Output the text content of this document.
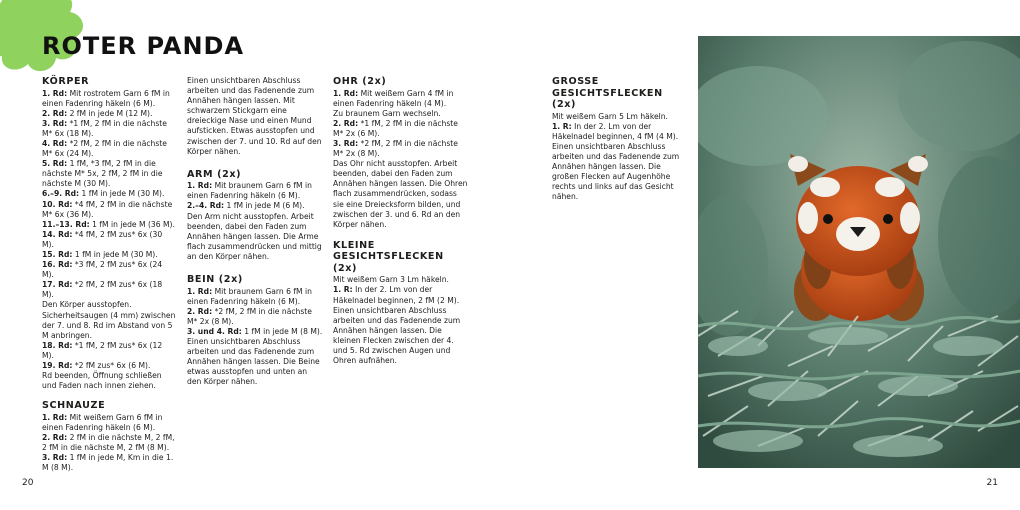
ROTER PANDA
KÖRPER

1. Rd: Mit rostrotem Garn 6 fM in einen Fadenring häkeln (6 M).

2. Rd: 2 fM in jede M (12 M).

3. Rd: *1 fM, 2 fM in die nächste M* 6x (18 M).

4. Rd: *2 fM, 2 fM in die nächste M* 6x (24 M).

5. Rd: 1 fM, *3 fM, 2 fM in die nächste M* 5x, 2 fM, 2 fM in die nächste M (30 M).

6.–9. Rd: 1 fM in jede M (30 M).

10. Rd: *4 fM, 2 fM in die nächste M* 6x (36 M).

11.–13. Rd: 1 fM in jede M (36 M).

14. Rd: *4 fM, 2 fM zus* 6x (30 M).

15. Rd: 1 fM in jede M (30 M).

16. Rd: *3 fM, 2 fM zus* 6x (24 M).

17. Rd: *2 fM, 2 fM zus* 6x (18 M).

Den Körper ausstopfen. Sicherheitsaugen (4 mm) zwischen der 7. und 8. Rd im Abstand von 5 M anbringen.

18. Rd: *1 fM, 2 fM zus* 6x (12 M).

19. Rd: *2 fM zus* 6x (6 M).

Rd beenden, Öffnung schließen und Faden nach innen ziehen.

SCHNAUZE

1. Rd: Mit weißem Garn 6 fM in einen Fadenring häkeln (6 M).

2. Rd: 2 fM in die nächste M, 2 fM, 2 fM in die nächste M, 2 fM (8 M).

3. Rd: 1 fM in jede M, Km in die 1. M (8 M).

Einen unsichtbaren Abschluss arbeiten und das Fadenende zum Annähen hängen lassen. Mit schwarzem Stickgarn eine dreieckige Nase und einen Mund aufsticken. Etwas ausstopfen und zwischen der 7. und 10. Rd auf den Körper nähen.

ARM (2x)

1. Rd: Mit braunem Garn 6 fM in einen Fadenring häkeln (6 M).

2.–4. Rd: 1 fM in jede M (6 M).

Den Arm nicht ausstopfen. Arbeit beenden, dabei den Faden zum Annähen hängen lassen. Die Arme flach zusammendrücken und mittig an den Körper nähen.

BEIN (2x)

1. Rd: Mit braunem Garn 6 fM in einen Fadenring häkeln (6 M).

2. Rd: *2 fM, 2 fM in die nächste M* 2x (8 M).

3. und 4. Rd: 1 fM in jede M (8 M).

Einen unsichtbaren Abschluss arbeiten und das Fadenende zum Annähen hängen lassen. Die Beine etwas ausstopfen und unten an den Körper nähen.

OHR (2x)

1. Rd: Mit weißem Garn 4 fM in einen Fadenring häkeln (4 M).

Zu braunem Garn wechseln.

2. Rd: *1 fM, 2 fM in die nächste M* 2x (6 M).

3. Rd: *2 fM, 2 fM in die nächste M* 2x (8 M).

Das Ohr nicht ausstopfen. Arbeit beenden, dabei den Faden zum Annähen hängen lassen. Die Ohren flach zusammendrücken, sodass sie eine Dreiecksform bilden, und zwischen der 3. und 6. Rd an den Körper nähen.

KLEINE GESICHTSFLECKEN (2x)

Mit weißem Garn 3 Lm häkeln.

1. R: In der 2. Lm von der Häkelnadel beginnen, 2 fM (2 M).

Einen unsichtbaren Abschluss arbeiten und das Fadenende zum Annähen hängen lassen. Die kleinen Flecken zwischen der 4. und 5. Rd zwischen Augen und Ohren aufnähen.

GROSSE GESICHTSFLECKEN (2x)

Mit weißem Garn 5 Lm häkeln.

1. R: In der 2. Lm von der Häkelnadel beginnen, 4 fM (4 M).

Einen unsichtbaren Abschluss arbeiten und das Fadenende zum Annähen hängen lassen. Die großen Flecken auf Augenhöhe rechts und links auf das Gesicht nähen.

20	21
